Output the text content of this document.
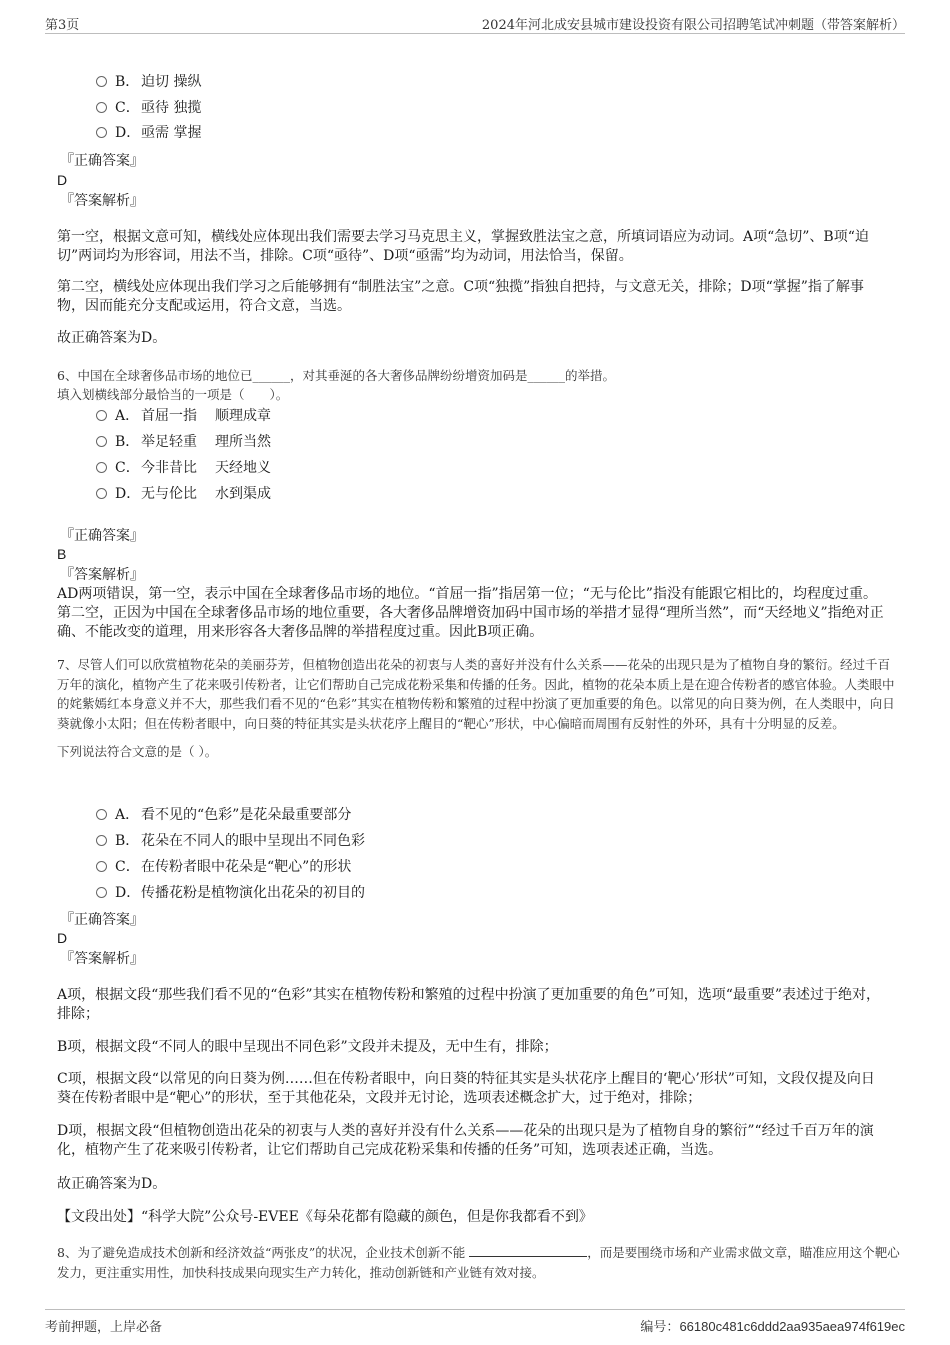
第3页	2024年河北成安县城市建设投资有限公司招聘笔试冲刺题（带答案解析）
B． 迫切 操纵
C．亟待 独揽
D．亟需 掌握
『正确答案』
D
『答案解析』
第一空，根据文意可知，横线处应体现出我们需要去学习马克思主义，掌握致胜法宝之意，所填词语应为动词。A项“急切”、B项“迫切”两词均为形容词，用法不当，排除。C项“亟待”、D项“亟需”均为动词，用法恰当，保留。
第二空，横线处应体现出我们学习之后能够拥有“制胜法宝”之意。C项“独揽”指独自把持，与文意无关，排除；D项“掌握”指了解事物，因而能充分支配或运用，符合文意，当选。
故正确答案为D。
6、中国在全球奢侈品市场的地位已______，对其垂涎的各大奢侈品牌纷纷增资加码是______的举措。
填入划横线部分最恰当的一项是（　　）。
A． 首屈一指 顺理成章
B． 举足轻重 理所当然
C．今非昔比 天经地义
D．无与伦比 水到渠成
『正确答案』
B
『答案解析』
AD两项错误，第一空，表示中国在全球奢侈品市场的地位。“首屈一指”指居第一位；“无与伦比”指没有能跟它相比的，均程度过重。第二空，正因为中国在全球奢侈品市场的地位重要，各大奢侈品牌增资加码中国市场的举措才显得“理所当然”，而“天经地义”指绝对正确、不能改变的道理，用来形容各大奢侈品牌的举措程度过重。因此B项正确。
7、尽管人们可以欣赏植物花朵的美丽芬芳，但植物创造出花朵的初衷与人类的喜好并没有什么关系——花朵的出现只是为了植物自身的繁衍。经过千百万年的演化，植物产生了花来吸引传粉者，让它们帮助自己完成花粉采集和传播的任务。因此，植物的花朵本质上是在迎合传粉者的感官体验。人类眼中的姹紫嫣红本身意义并不大，那些我们看不见的“色彩”其实在植物传粉和繁殖的过程中扮演了更加重要的角色。以常见的向日葵为例，在人类眼中，向日葵就像小太阳；但在传粉者眼中，向日葵的特征其实是头状花序上醒目的“靶心”形状，中心偏暗而周围有反射性的外环，具有十分明显的反差。
下列说法符合文意的是（ ）。
A． 看不见的“色彩”是花朵最重要部分
B． 花朵在不同人的眼中呈现出不同色彩
C．在传粉者眼中花朵是“靶心”的形状
D．传播花粉是植物演化出花朵的初目的
『正确答案』
D
『答案解析』
A项，根据文段“那些我们看不见的“色彩”其实在植物传粉和繁殖的过程中扮演了更加重要的角色”可知，选项“最重要”表述过于绝对，排除；
B项，根据文段“不同人的眼中呈现出不同色彩”文段并未提及，无中生有，排除；
C项，根据文段“以常见的向日葵为例……但在传粉者眼中，向日葵的特征其实是头状花序上醒目的‘靶心’形状”可知，文段仅提及向日葵在传粉者眼中是“靶心”的形状，至于其他花朵，文段并无讨论，选项表述概念扩大，过于绝对，排除；
D项，根据文段“但植物创造出花朵的初衷与人类的喜好并没有什么关系——花朵的出现只是为了植物自身的繁衍”“经过千百万年的演化，植物产生了花来吸引传粉者，让它们帮助自己完成花粉采集和传播的任务”可知，选项表述正确，当选。
故正确答案为D。
【文段出处】“科学大院”公众号-EVEE《每朵花都有隐藏的颜色，但是你我都看不到》
8、为了避免造成技术创新和经济效益“两张皮”的状况，企业技术创新不能	，而是要围绕市场和产业需求做文章，瞄准应用这个靶心发力，更注重实用性，加快科技成果向现实生产力转化，推动创新链和产业链有效对接。
考前押题，上岸必备	编号：66180c481c6ddd2aa935aea974f619ec
